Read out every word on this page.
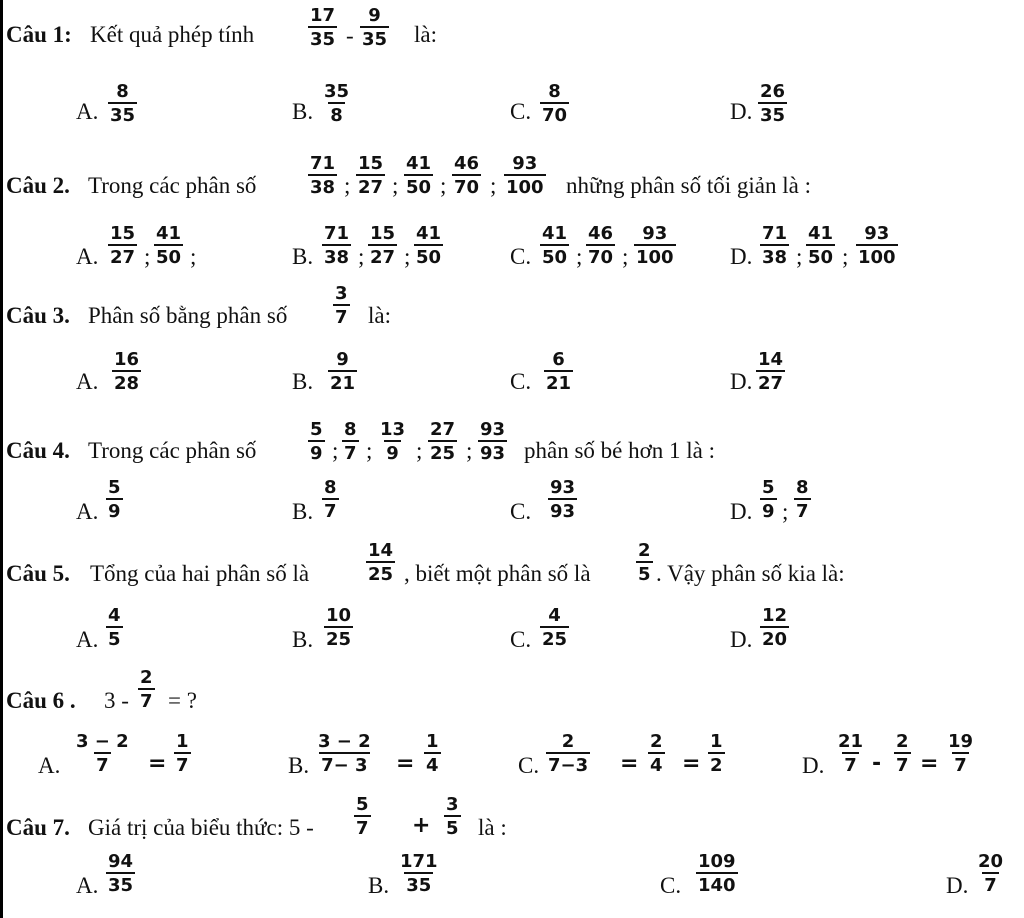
Câu 1: Kết quả phép tính	$\frac{17}{35} - \frac{9}{35}$ là:
A. $\frac{8}{35}$	B. $\frac{35}{8}$	C. $\frac{8}{70}$	D. $\frac{26}{35}$
Câu 2. Trong các phân số	$\frac{71}{38}$ ; $\frac{15}{27}$ ; $\frac{41}{50}$ ; $\frac{46}{70}$ ; $\frac{93}{100}$ những phân số tối giản là :
A. $\frac{15}{27}$ ; $\frac{41}{50}$ ;	B. $\frac{71}{38}$ ; $\frac{15}{27}$ ; $\frac{41}{50}$	C. $\frac{41}{50}$ ; $\frac{46}{70}$ ; $\frac{93}{100} D$. $\frac{71}{38}$ ; $\frac{41}{50}$ ; $\frac{93}{100}$
Câu 3. Phân số bằng phân số	$\frac{3}{7}$ là:
A. $\frac{16}{28}$	B. $\frac{9}{21}$	C. $\frac{6}{21}$	D. $\frac{14}{27}$
Câu 4. Trong các phân số	$\frac{5}{9}$ ; $\frac{8}{7}$ ; $\frac{13}{9}$ ; $\frac{27}{25}$ ; $\frac{93}{93}$ phân số bé hơn 1 là :
A. $\frac{5}{9}$	B. $\frac{8}{7}$	C. $\frac{93}{93}$	D. $\frac{5}{9}$ ; $\frac{8}{7}$
Câu 5. Tổng của hai phân số là	$\frac{14}{25}$ , biết một phân số là	$\frac{2}{5}$ . Vậy phân số kia là:
A. $\frac{4}{5}$	B. $\frac{10}{25}$	C. $\frac{4}{25}$	D. $\frac{12}{20}$
Câu 6 . $3 - \frac{2}{7}$ = ?
A. $\frac{3 - 2}{7} = \frac{1}{7}$	B. $\frac{3 - 2}{7- 3} = \frac{1}{4}$	C. $\frac{2}{7-3} = \frac{2}{4} = \frac{1}{2}$	D. $\frac{21}{7} - \frac{2}{7} = \frac{19}{7}$
Câu 7. Giá trị của biểu thức: $5 - \frac{5}{7} + \frac{3}{5}$ là :
A. $\frac{94}{35}$	B. $\frac{171}{35}$	C. $\frac{109}{140}$	D. $\frac{20}{7}$
